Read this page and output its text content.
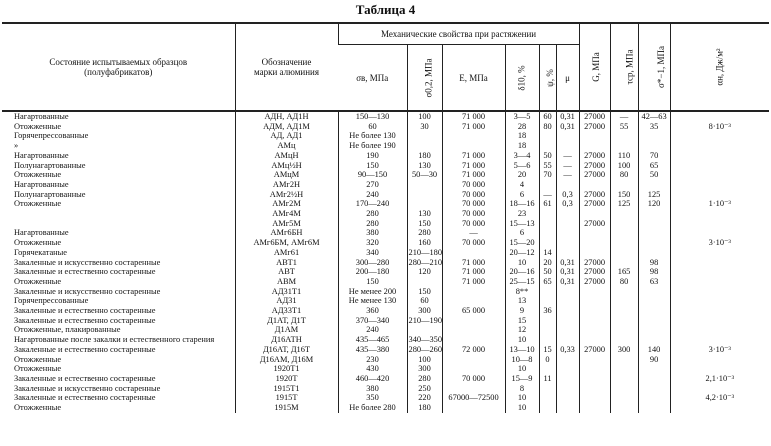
Таблица 4
Состояние испытываемых образцов (полуфабрикатов)	Обозначение марки алюминия	Механические свойства при растяжении						G, МПа	τср, МПа	σ*−1, МПа	αн, Дж/м²
		σв, МПа	σ0,2, МПа	E, МПа	δ10, %	ψ, %	μ				
Нагартованные	АДН, АД1Н	150—130	100	71 000	3—5	60	0,31	27000	—	42—63	
Отожженные	АДМ, АД1М	60	30	71 000	28	80	0,31	27000	55	35	8·10⁻³
Горячепрессованные	АД, АД1	Не более 130			18						
»	АМц	Не более 190			18						
Нагартованные	АМцН	190	180	71 000	3—4	50	—	27000	110	70	
Полунагартованные	АМц½Н	150	130	71 000	5—6	55	—	27000	100	65	
Отожженные	АМцМ	90—150	50—30	71 000	20	70	—	27000	80	50	
Нагартованные	АМг2Н	270		70 000	4						
Полунагартованные	АМг2½Н	240		70 000	6	—	0,3	27000	150	125	
Отожженные	АМг2М	170—240		70 000	18—16	61	0,3	27000	125	120	1·10⁻³
	АМг4М	280	130	70 000	23						
	АМг5М	280	150	70 000	15—13			27000			
Нагартованные	АМг6БН	380	280	—	6						
Отожженные	АМг6БМ, АМг6М	320	160	70 000	15—20						3·10⁻³
Горячекатаные	АМг61	340	210—180		20—12	14					
Закаленные и искусственно состаренные	АВТ1	300—280	280—210	71 000	10	20	0,31	27000		98	
Закаленные и естественно состаренные	АВТ	200—180	120	71 000	20—16	50	0,31	27000	165	98	
Отожженные	АВМ	150		71 000	25—15	65	0,31	27000	80	63	
Закаленные и искусственно состаренные	АД31Т1	Не менее 200	150		8**						
Горячепрессованные	АД31	Не менее 130	60		13						
Закаленные и естественно состаренные	АД33Т1	360	300	65 000	9	36					
Закаленные и естественно состаренные	Д1АТ, Д1Т	370—340	210—190		15						
Отожженные, плакированные	Д1АМ	240			12						
Нагартованные после закалки и естественного старения	Д16АТН	435—465	340—350		10						
Закаленные и естественно состаренные	Д16АТ, Д16Т	435—380	280—260	72 000	13—10	15	0,33	27000	300	140	3·10⁻³
Отожженные	Д16АМ, Д16М	230	100		10—8	0				90	
Отожженные	1920Т1	430	300		10						
Закаленные и естественно состаренные	1920Т	460—420	280	70 000	15—9	11					2,1·10⁻³
Закаленные и искусственно состаренные	1915Т1	380	250		8						
Закаленные и естественно состаренные	1915Т	350	220	67000—72500	10						4,2·10⁻³
Отожженные	1915М	Не более 280	180		10						
